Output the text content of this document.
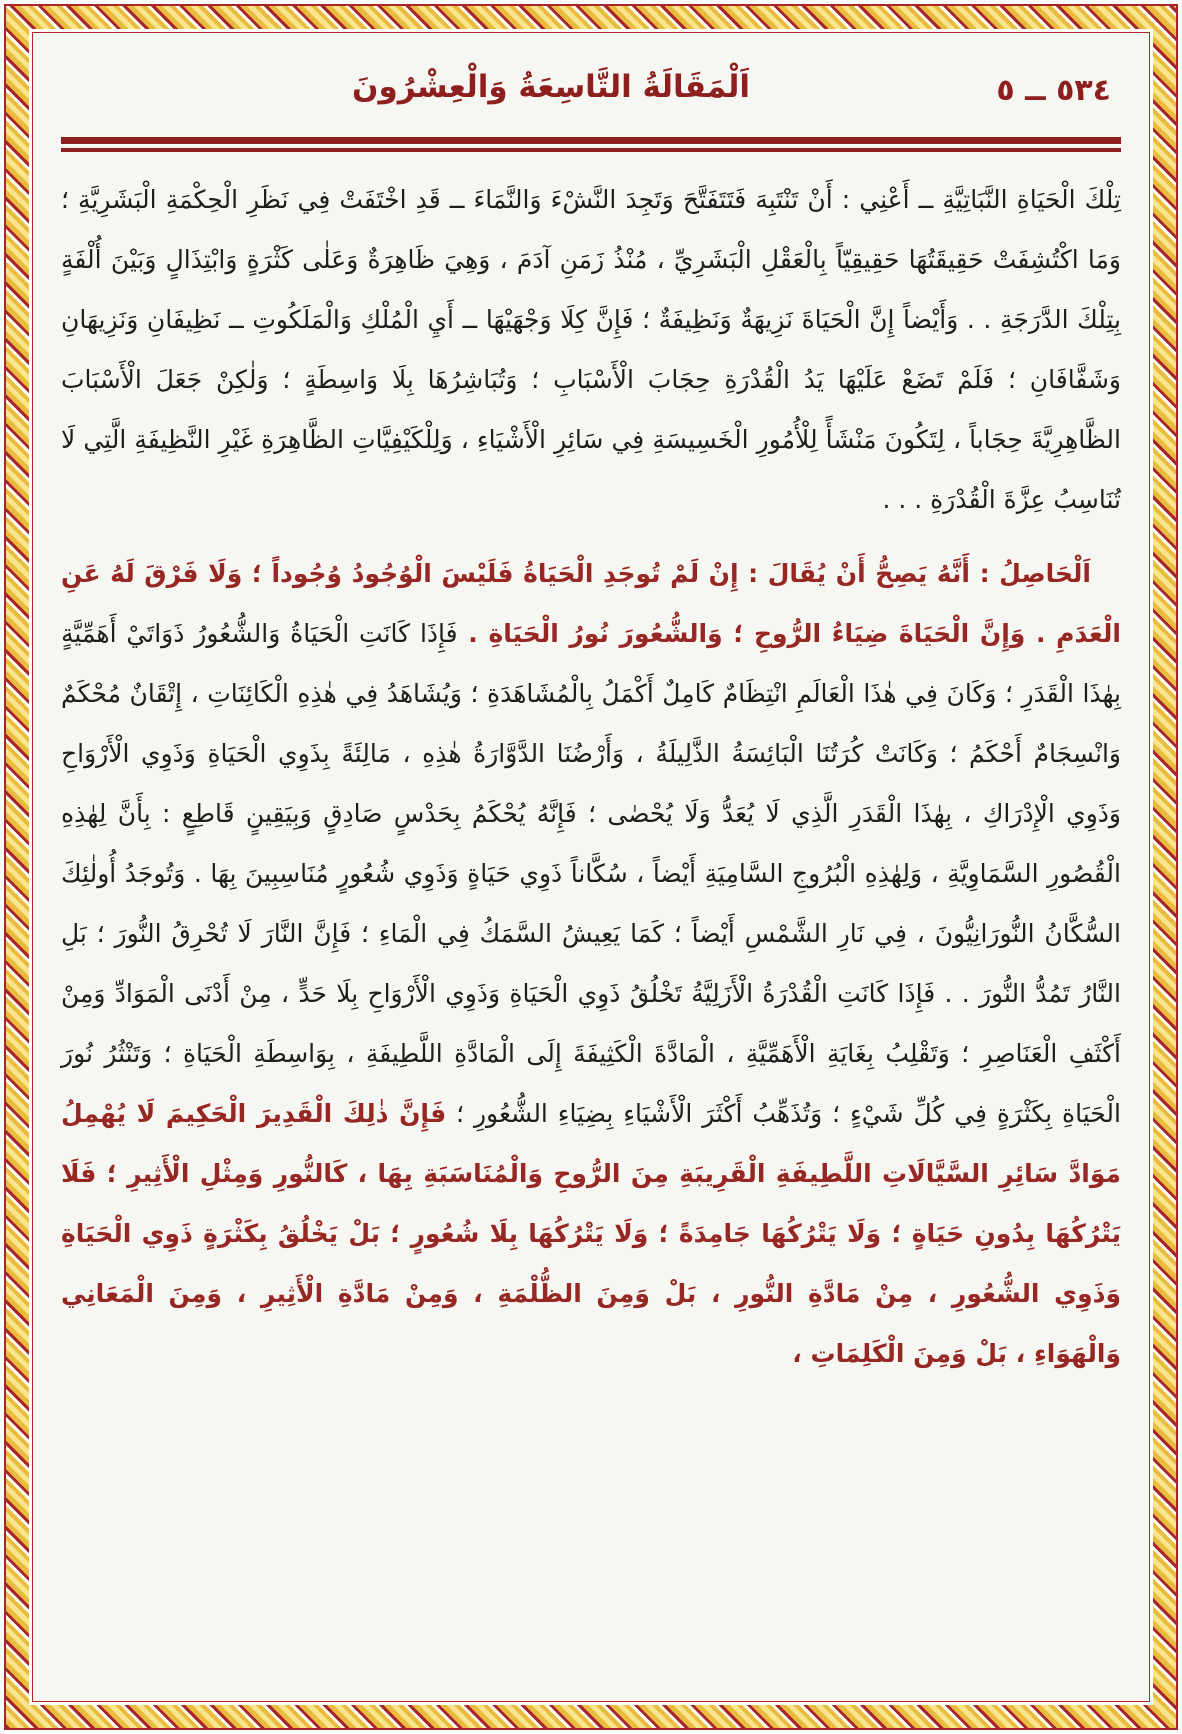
٥٣٤ ــ ٥
اَلْمَقَالَةُ التَّاسِعَةُ وَالْعِشْرُونَ

تِلْكَ الْحَيَاةِ النَّبَاتِيَّةِ ــ أَعْنِي : أَنْ تَنْتَبِهَ فَتَتَفَتَّحَ وَتَجِدَ النَّشْءَ وَالنَّمَاءَ ــ قَدِ اخْتَفَتْ فِي نَظَرِ الْحِكْمَةِ الْبَشَرِيَّةِ ؛ وَمَا اكْتُشِفَتْ حَقِيقَتُهَا حَقِيقِيّاً بِالْعَقْلِ الْبَشَرِيِّ ، مُنْذُ زَمَنِ آدَمَ ، وَهِيَ ظَاهِرَةٌ وَعَلٰى كَثْرَةٍ وَابْتِذَالٍ وَبَيْنَ أُلْفَةٍ بِتِلْكَ الدَّرَجَةِ . . وَأَيْضاً إِنَّ الْحَيَاةَ نَزِيهَةٌ وَنَظِيفَةٌ ؛ فَإِنَّ كِلَا وَجْهَيْهَا ــ أَيِ الْمُلْكِ وَالْمَلَكُوتِ ــ نَظِيفَانِ وَنَزِيهَانِ وَشَفَّافَانِ ؛ فَلَمْ تَضَعْ عَلَيْهَا يَدُ الْقُدْرَةِ حِجَابَ الْأَسْبَابِ ؛ وَتُبَاشِرُهَا بِلَا وَاسِطَةٍ ؛ وَلٰكِنْ جَعَلَ الْأَسْبَابَ الظَّاهِرِيَّةَ حِجَاباً ، لِتَكُونَ مَنْشَأً لِلْأُمُورِ الْخَسِيسَةِ فِي سَائِرِ الْأَشْيَاءِ ، وَلِلْكَيْفِيَّاتِ الظَّاهِرَةِ غَيْرِ النَّظِيفَةِ الَّتِي لَا تُنَاسِبُ عِزَّةَ الْقُدْرَةِ . . .

اَلْحَاصِلُ : أَنَّهُ يَصِحُّ أَنْ يُقَالَ : إِنْ لَمْ تُوجَدِ الْحَيَاةُ فَلَيْسَ الْوُجُودُ وُجُوداً ؛ وَلَا فَرْقَ لَهُ عَنِ الْعَدَمِ . وَإِنَّ الْحَيَاةَ ضِيَاءُ الرُّوحِ ؛ وَالشُّعُورَ نُورُ الْحَيَاةِ . فَإِذَا كَانَتِ الْحَيَاةُ وَالشُّعُورُ ذَوَاتَيْ أَهَمِّيَّةٍ بِهٰذَا الْقَدَرِ ؛ وَكَانَ فِي هٰذَا الْعَالَمِ انْتِظَامٌ كَامِلٌ أَكْمَلُ بِالْمُشَاهَدَةِ ؛ وَيُشَاهَدُ فِي هٰذِهِ الْكَائِنَاتِ ، إِتْقَانٌ مُحْكَمٌ وَانْسِجَامٌ أَحْكَمُ ؛ وَكَانَتْ كُرَتُنَا الْبَائِسَةُ الذَّلِيلَةُ ، وَأَرْضُنَا الدَّوَّارَةُ هٰذِهِ ، مَالِئَةً بِذَوِي الْحَيَاةِ وَذَوِي الْأَرْوَاحِ وَذَوِي الْإِدْرَاكِ ، بِهٰذَا الْقَدَرِ الَّذِي لَا يُعَدُّ وَلَا يُحْصٰى ؛ فَإِنَّهُ يُحْكَمُ بِحَدْسٍ صَادِقٍ وَبِيَقِينٍ قَاطِعٍ : بِأَنَّ لِهٰذِهِ الْقُصُورِ السَّمَاوِيَّةِ ، وَلِهٰذِهِ الْبُرُوجِ السَّامِيَةِ أَيْضاً ، سُكَّاناً ذَوِي حَيَاةٍ وَذَوِي شُعُورٍ مُنَاسِبِينَ بِهَا . وَتُوجَدُ أُولٰئِكَ السُّكَّانُ النُّورَانِيُّونَ ، فِي نَارِ الشَّمْسِ أَيْضاً ؛ كَمَا يَعِيشُ السَّمَكُ فِي الْمَاءِ ؛ فَإِنَّ النَّارَ لَا تُحْرِقُ النُّورَ ؛ بَلِ النَّارُ تَمُدُّ النُّورَ . . فَإِذَا كَانَتِ الْقُدْرَةُ الْأَزَلِيَّةُ تَخْلُقُ ذَوِي الْحَيَاةِ وَذَوِي الْأَرْوَاحِ بِلَا حَدٍّ ، مِنْ أَدْنَى الْمَوَادِّ وَمِنْ أَكْثَفِ الْعَنَاصِرِ ؛ وَتَقْلِبُ بِغَايَةِ الْأَهَمِّيَّةِ ، الْمَادَّةَ الْكَثِيفَةَ إِلَى الْمَادَّةِ اللَّطِيفَةِ ، بِوَاسِطَةِ الْحَيَاةِ ؛ وَتَنْثُرُ نُورَ الْحَيَاةِ بِكَثْرَةٍ فِي كُلِّ شَيْءٍ ؛ وَتُذَهِّبُ أَكْثَرَ الْأَشْيَاءِ بِضِيَاءِ الشُّعُورِ ؛ فَإِنَّ ذٰلِكَ الْقَدِيرَ الْحَكِيمَ لَا يُهْمِلُ مَوَادَّ سَائِرِ السَّيَّالَاتِ اللَّطِيفَةِ الْقَرِيبَةِ مِنَ الرُّوحِ وَالْمُنَاسَبَةِ بِهَا ، كَالنُّورِ وَمِثْلِ الْأَثِيرِ ؛ فَلَا يَتْرُكُهَا بِدُونِ حَيَاةٍ ؛ وَلَا يَتْرُكُهَا جَامِدَةً ؛ وَلَا يَتْرُكُهَا بِلَا شُعُورٍ ؛ بَلْ يَخْلُقُ بِكَثْرَةٍ ذَوِي الْحَيَاةِ وَذَوِي الشُّعُورِ ، مِنْ مَادَّةِ النُّورِ ، بَلْ وَمِنَ الظُّلْمَةِ ، وَمِنْ مَادَّةِ الْأَثِيرِ ، وَمِنَ الْمَعَانِي وَالْهَوَاءِ ، بَلْ وَمِنَ الْكَلِمَاتِ ،
